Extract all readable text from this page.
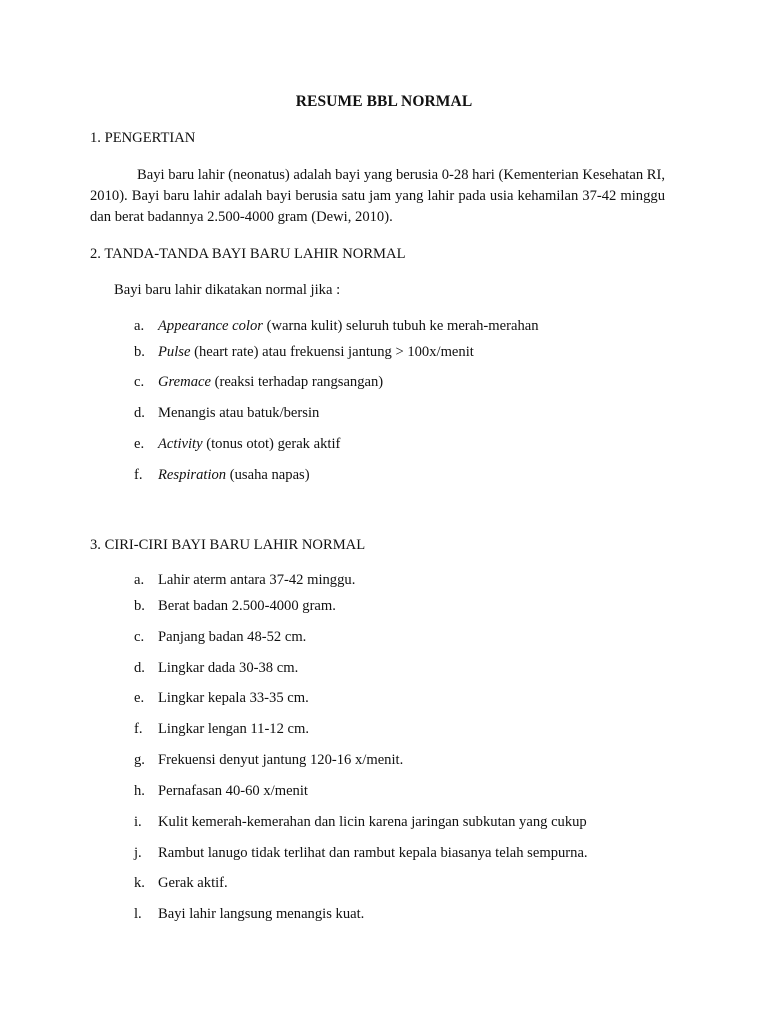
RESUME BBL NORMAL
1. PENGERTIAN
Bayi baru lahir (neonatus) adalah bayi yang berusia 0-28 hari (Kementerian Kesehatan RI, 2010). Bayi baru lahir adalah bayi berusia satu jam yang lahir pada usia kehamilan 37-42 minggu dan berat badannya 2.500-4000 gram (Dewi, 2010).
2. TANDA-TANDA BAYI BARU LAHIR NORMAL
Bayi baru lahir dikatakan normal jika :
a. Appearance color (warna kulit) seluruh tubuh ke merah-merahan
b. Pulse (heart rate) atau frekuensi jantung > 100x/menit
c. Gremace (reaksi terhadap rangsangan)
d. Menangis atau batuk/bersin
e. Activity (tonus otot) gerak aktif
f. Respiration (usaha napas)
3. CIRI-CIRI BAYI BARU LAHIR NORMAL
a. Lahir aterm antara 37-42 minggu.
b. Berat badan 2.500-4000 gram.
c. Panjang badan 48-52 cm.
d. Lingkar dada 30-38 cm.
e. Lingkar kepala 33-35 cm.
f. Lingkar lengan 11-12 cm.
g. Frekuensi denyut jantung 120-16 x/menit.
h. Pernafasan 40-60 x/menit
i. Kulit kemerah-kemerahan dan licin karena jaringan subkutan yang cukup
j. Rambut lanugo tidak terlihat dan rambut kepala biasanya telah sempurna.
k. Gerak aktif.
l. Bayi lahir langsung menangis kuat.
